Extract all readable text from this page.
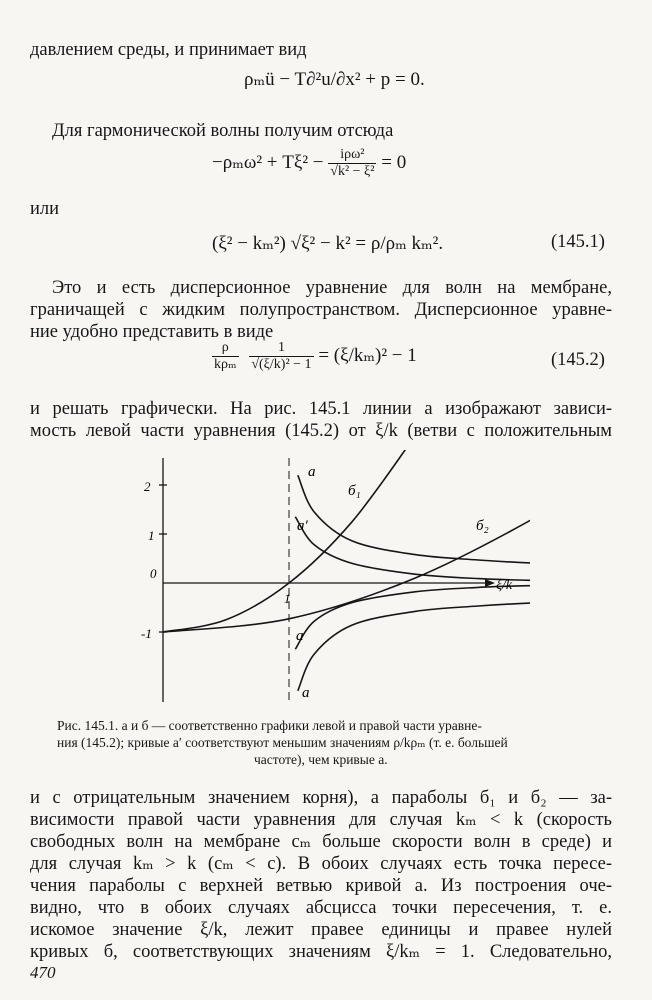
давлением среды, и принимает вид
ρₘü − T∂²u/∂x² + p = 0.
Для гармонической волны получим отсюда
$-\rho_m\omega^2 + T\xi^2 - \frac{\text{iρω²}}{\text{√k² − ξ²}} = 0$
или
(ξ² − kₘ²) √ξ² − k² = ρ/ρₘ kₘ².	(145.1)
Это и есть дисперсионное уравнение для волн на мембране,
граничащей с жидким полупространством. Дисперсионное уравне-
ние удобно представить в виде
$\frac{\rho}{\text{kρₘ}}$
$\frac{1}{\text{√(ξ/k)² − 1}} = (\xi/k_m)^2 - 1$	(145.2)
и решать графически. На рис. 145.1 линии a изображают зависи-
мость левой части уравнения (145.2) от ξ/k (ветви с положительным
2
1
0
-1
1
ξ/k
a
б₁
a′	б₂
a
a
Рис. 145.1. a и б — соответственно графики левой и правой части уравне-
ния (145.2); кривые a′ соответствуют меньшим значениям ρ/kρₘ (т. е. большей
частоте), чем кривые a.
и с отрицательным значением корня), а параболы б₁ и б₂ — за-
висимости правой части уравнения для случая kₘ < k (скорость
свободных волн на мембране cₘ больше скорости волн в среде) и
для случая kₘ > k (cₘ < c). В обоих случаях есть точка пересе-
чения параболы с верхней ветвью кривой a. Из построения оче-
видно, что в обоих случаях абсцисса точки пересечения, т. е.
искомое значение ξ/k, лежит правее единицы и правее нулей
кривых б, соответствующих значениям ξ/kₘ = 1. Следовательно,
470
